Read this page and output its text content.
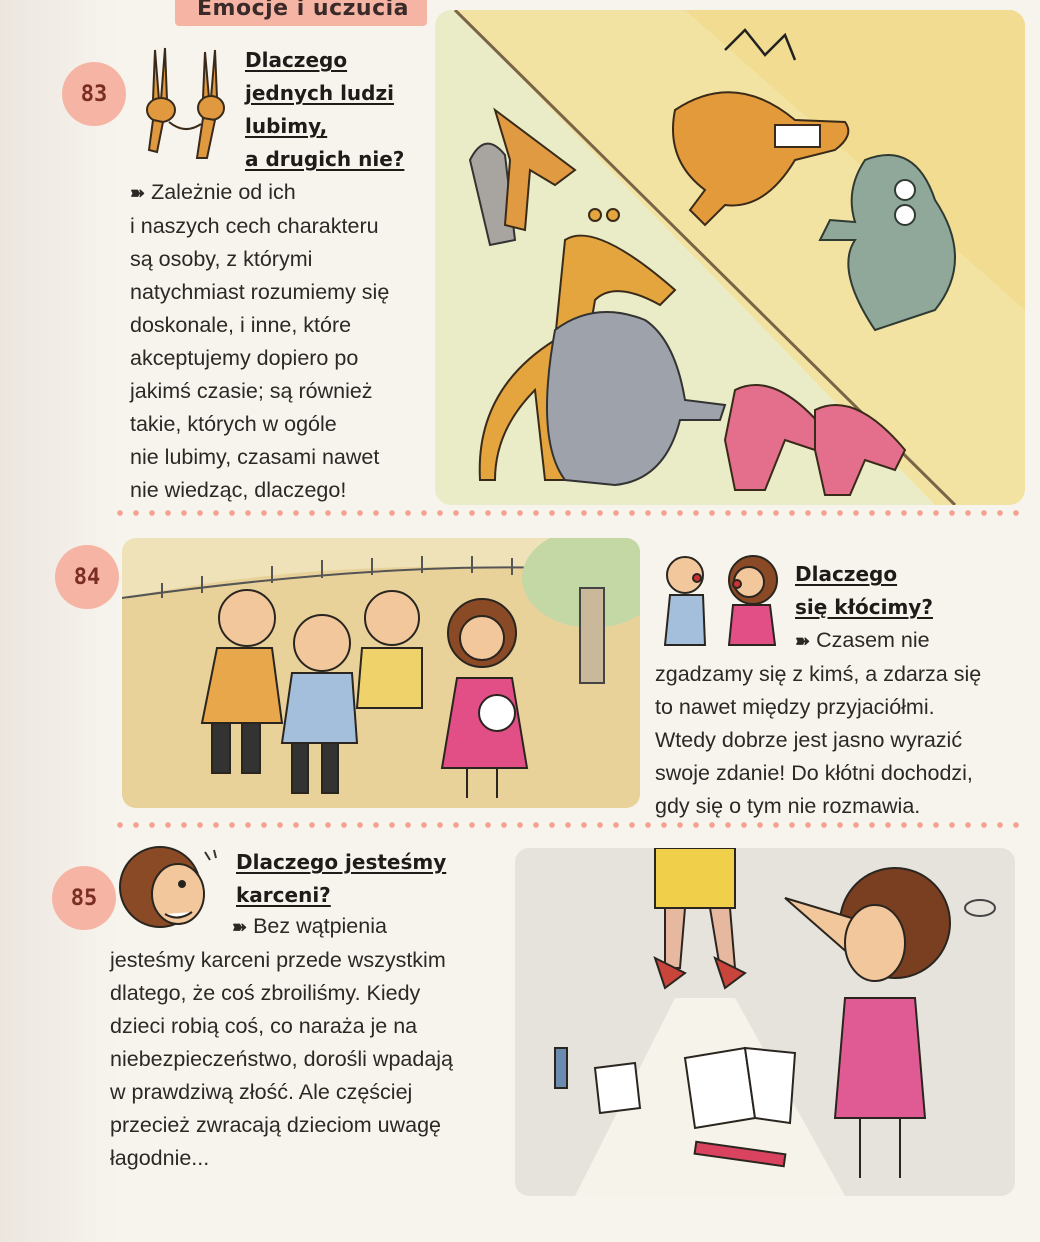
Emocje i uczucia
83
Dlaczego
jednych ludzi
lubimy,
a drugich nie?
➽ Zależnie od ich
i naszych cech charakteru
są osoby, z którymi
natychmiast rozumiemy się
doskonale, i inne, które
akceptujemy dopiero po
jakimś czasie; są również
takie, których w ogóle
nie lubimy, czasami nawet
nie wiedząc, dlaczego!
84	Dlaczego
się kłócimy?
➽ Czasem nie
zgadzamy się z kimś, a zdarza się
to nawet między przyjaciółmi.
Wtedy dobrze jest jasno wyrazić
swoje zdanie! Do kłótni dochodzi,
gdy się o tym nie rozmawia.
85
Dlaczego jesteśmy
karceni?
➽ Bez wątpienia
jesteśmy karceni przede wszystkim
dlatego, że coś zbroiliśmy. Kiedy
dzieci robią coś, co naraża je na
niebezpieczeństwo, dorośli wpadają
w prawdziwą złość. Ale częściej
przecież zwracają dzieciom uwagę
łagodnie...
